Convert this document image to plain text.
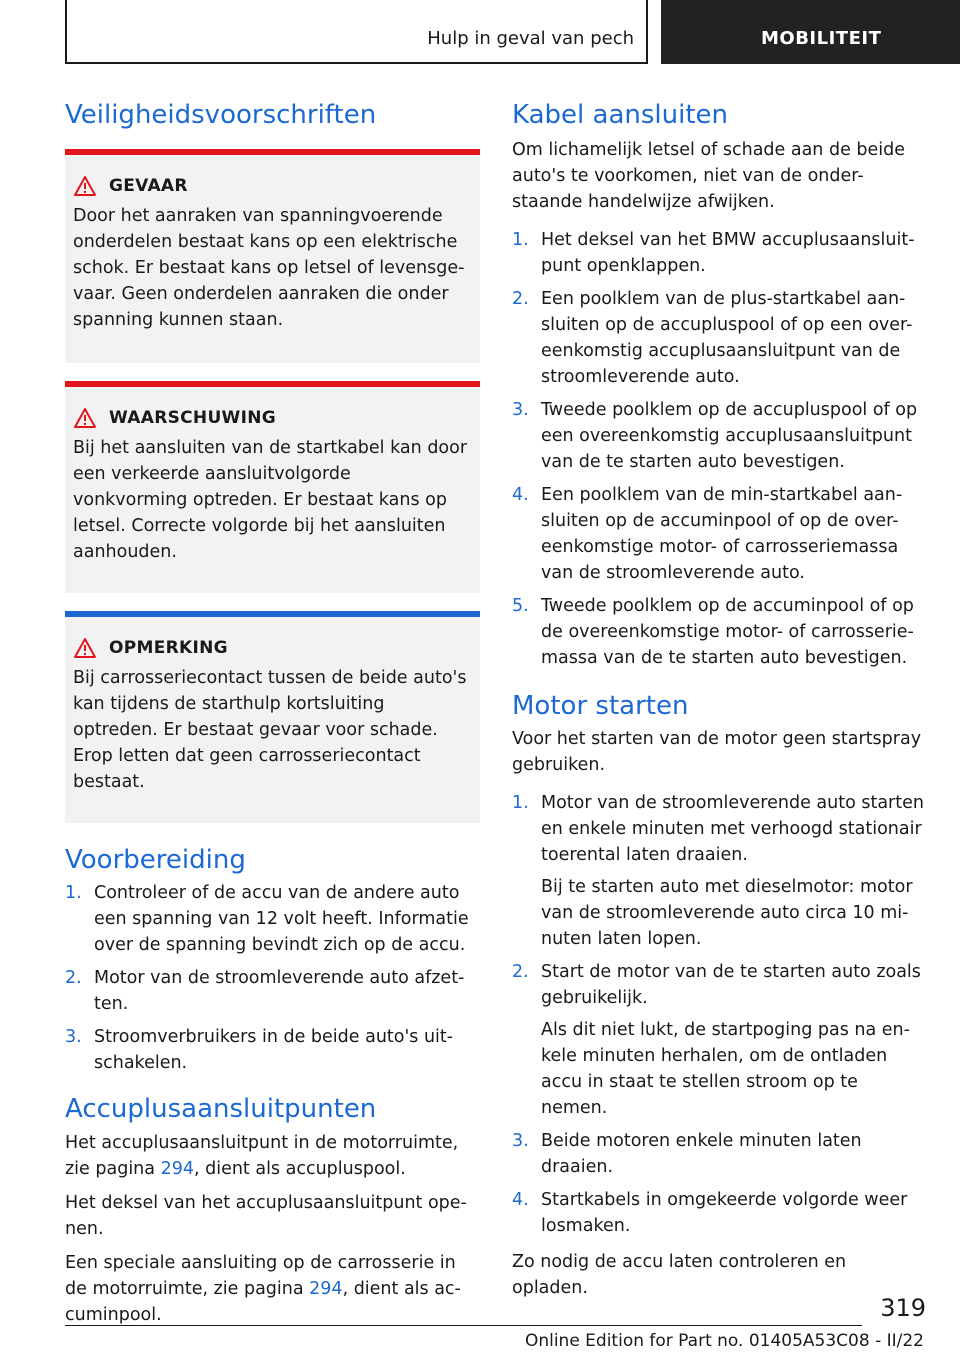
Hulp in geval van pech	MOBILITEIT
Veiligheidsvoorschriften
GEVAAR

Door het aanraken van spanningvoerende onderdelen bestaat kans op een elektrische schok. Er bestaat kans op letsel of levensge-vaar. Geen onderdelen aanraken die onder spanning kunnen staan.

WAARSCHUWING

Bij het aansluiten van de startkabel kan door een verkeerde aansluitvolgorde vonkvorming optreden. Er bestaat kans op letsel. Correcte volgorde bij het aansluiten aanhouden.

OPMERKING

Bij carrosseriecontact tussen de beide auto's kan tijdens de starthulp kortsluiting optreden. Er bestaat gevaar voor schade. Erop letten dat geen carrosseriecontact bestaat.

Voorbereiding
1. Controleer of de accu van de andere auto een spanning van 12 volt heeft. Informatie over de spanning bevindt zich op de accu.
2. Motor van de stroomleverende auto afzet-ten.
3. Stroomverbruikers in de beide auto's uit-schakelen.
Accuplusaansluitpunten

Het accuplusaansluitpunt in de motorruimte, zie pagina 294, dient als accupluspool.

Het deksel van het accuplusaansluitpunt ope-nen.

Een speciale aansluiting op de carrosserie in de motorruimte, zie pagina 294, dient als ac-cuminpool.

Kabel aansluiten

Om lichamelijk letsel of schade aan de beide auto's te voorkomen, niet van de onder-staande handelwijze afwijken.

1. Het deksel van het BMW accuplusaansluit-punt openklappen.
2. Een poolklem van de plus-startkabel aan-sluiten op de accupluspool of op een over-eenkomstig accuplusaansluitpunt van de stroomleverende auto.
3. Tweede poolklem op de accupluspool of op een overeenkomstig accuplusaansluitpunt van de te starten auto bevestigen.
4. Een poolklem van de min-startkabel aan-sluiten op de accuminpool of op de over-eenkomstige motor- of carrosseriemassa van de stroomleverende auto.
5. Tweede poolklem op de accuminpool of op de overeenkomstige motor- of carrosserie-massa van de te starten auto bevestigen.
Motor starten

Voor het starten van de motor geen startspray gebruiken.

1. Motor van de stroomleverende auto starten en enkele minuten met verhoogd stationair toerental laten draaien.
Bij te starten auto met dieselmotor: motor van de stroomleverende auto circa 10 mi-nuten laten lopen.
2. Start de motor van de te starten auto zoals gebruikelijk.
Als dit niet lukt, de startpoging pas na en-kele minuten herhalen, om de ontladen accu in staat te stellen stroom op te nemen.
3. Beide motoren enkele minuten laten draaien.
4. Startkabels in omgekeerde volgorde weer losmaken.

Zo nodig de accu laten controleren en opladen.

319
Online Edition for Part no. 01405A53C08 - II/22
